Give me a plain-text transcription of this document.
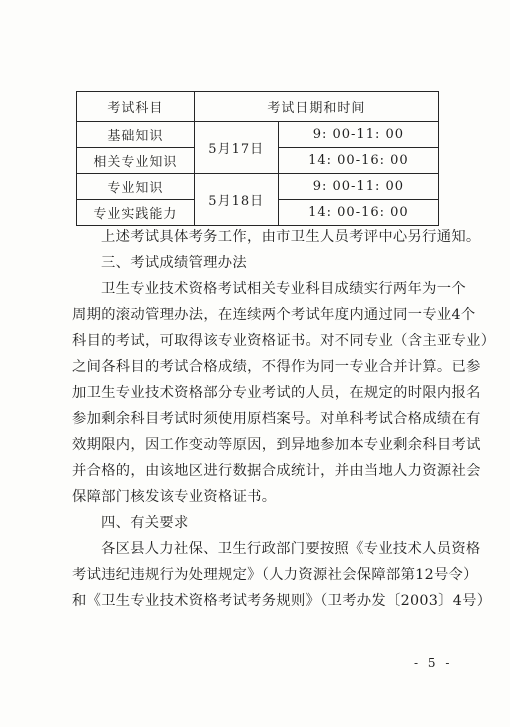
考试科目	考试日期和时间	
基础知识	5月17日	9: 00-11: 00
相关专业知识		14: 00-16: 00
专业知识	5月18日	9: 00-11: 00
专业实践能力		14: 00-16: 00
上述考试具体考务工作，由市卫生人员考评中心另行通知。
三、考试成绩管理办法
卫生专业技术资格考试相关专业科目成绩实行两年为一个
周期的滚动管理办法，在连续两个考试年度内通过同一专业4个
科目的考试，可取得该专业资格证书。对不同专业（含主亚专业）
之间各科目的考试合格成绩，不得作为同一专业合并计算。已参
加卫生专业技术资格部分专业考试的人员，在规定的时限内报名
参加剩余科目考试时须使用原档案号。对单科考试合格成绩在有
效期限内，因工作变动等原因，到异地参加本专业剩余科目考试
并合格的，由该地区进行数据合成统计，并由当地人力资源社会
保障部门核发该专业资格证书。
四、有关要求
各区县人力社保、卫生行政部门要按照《专业技术人员资格
考试违纪违规行为处理规定》（人力资源社会保障部第12号令）
和《卫生专业技术资格考试考务规则》（卫考办发〔2003〕4号）
- 5 -
